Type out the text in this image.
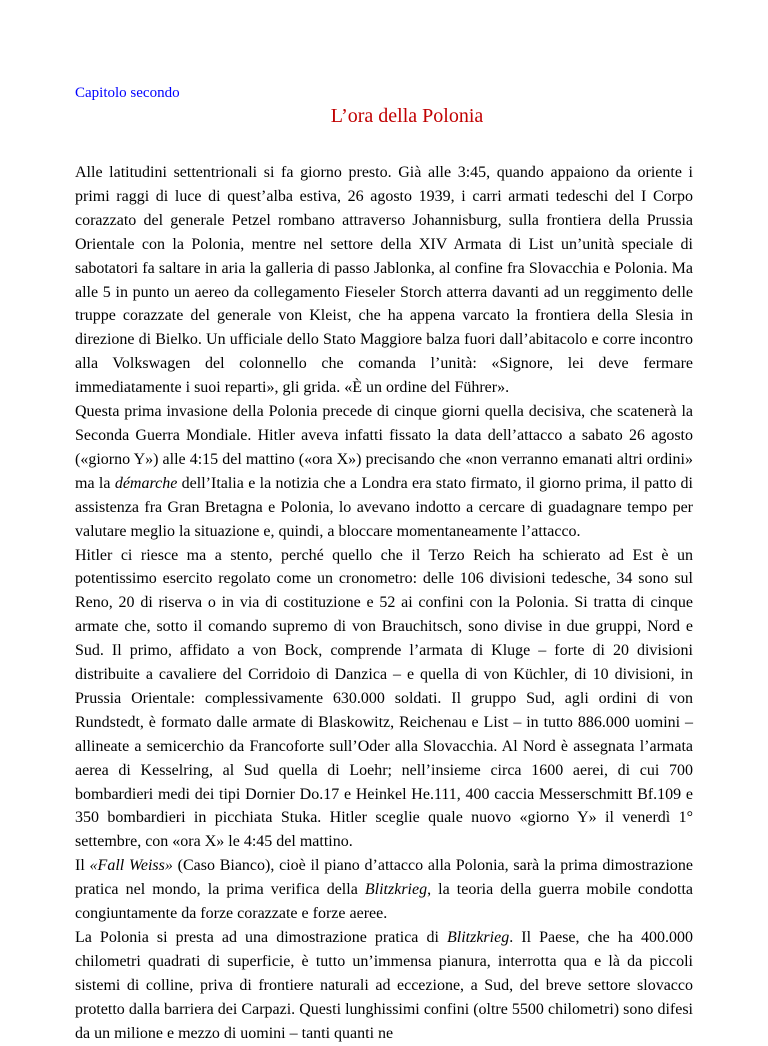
Capitolo secondo
L’ora della Polonia

Alle latitudini settentrionali si fa giorno presto. Già alle 3:45, quando appaiono da oriente i primi raggi di luce di quest’alba estiva, 26 agosto 1939, i carri armati tedeschi del I Corpo corazzato del generale Petzel rombano attraverso Johannisburg, sulla frontiera della Prussia Orientale con la Polonia, mentre nel settore della XIV Armata di List un’unità speciale di sabotatori fa saltare in aria la galleria di passo Jablonka, al confine fra Slovacchia e Polonia. Ma alle 5 in punto un aereo da collegamento Fieseler Storch atterra davanti ad un reggimento delle truppe corazzate del generale von Kleist, che ha appena varcato la frontiera della Slesia in direzione di Bielko. Un ufficiale dello Stato Maggiore balza fuori dall’abitacolo e corre incontro alla Volkswagen del colonnello che comanda l’unità: «Signore, lei deve fermare immediatamente i suoi reparti», gli grida. «È un ordine del Führer».

Questa prima invasione della Polonia precede di cinque giorni quella decisiva, che scatenerà la Seconda Guerra Mondiale. Hitler aveva infatti fissato la data dell’attacco a sabato 26 agosto («giorno Y») alle 4:15 del mattino («ora X») precisando che «non verranno emanati altri ordini» ma la démarche dell’Italia e la notizia che a Londra era stato firmato, il giorno prima, il patto di assistenza fra Gran Bretagna e Polonia, lo avevano indotto a cercare di guadagnare tempo per valutare meglio la situazione e, quindi, a bloccare momentaneamente l’attacco.

Hitler ci riesce ma a stento, perché quello che il Terzo Reich ha schierato ad Est è un potentissimo esercito regolato come un cronometro: delle 106 divisioni tedesche, 34 sono sul Reno, 20 di riserva o in via di costituzione e 52 ai confini con la Polonia. Si tratta di cinque armate che, sotto il comando supremo di von Brauchitsch, sono divise in due gruppi, Nord e Sud. Il primo, affidato a von Bock, comprende l’armata di Kluge – forte di 20 divisioni distribuite a cavaliere del Corridoio di Danzica – e quella di von Küchler, di 10 divisioni, in Prussia Orientale: complessivamente 630.000 soldati. Il gruppo Sud, agli ordini di von Rundstedt, è formato dalle armate di Blaskowitz, Reichenau e List – in tutto 886.000 uomini – allineate a semicerchio da Francoforte sull’Oder alla Slovacchia. Al Nord è assegnata l’armata aerea di Kesselring, al Sud quella di Loehr; nell’insieme circa 1600 aerei, di cui 700 bombardieri medi dei tipi Dornier Do.17 e Heinkel He.111, 400 caccia Messerschmitt Bf.109 e 350 bombardieri in picchiata Stuka. Hitler sceglie quale nuovo «giorno Y» il venerdì 1° settembre, con «ora X» le 4:45 del mattino.

Il «Fall Weiss» (Caso Bianco), cioè il piano d’attacco alla Polonia, sarà la prima dimostrazione pratica nel mondo, la prima verifica della Blitzkrieg, la teoria della guerra mobile condotta congiuntamente da forze corazzate e forze aeree.

La Polonia si presta ad una dimostrazione pratica di Blitzkrieg. Il Paese, che ha 400.000 chilometri quadrati di superficie, è tutto un’immensa pianura, interrotta qua e là da piccoli sistemi di colline, priva di frontiere naturali ad eccezione, a Sud, del breve settore slovacco protetto dalla barriera dei Carpazi. Questi lunghissimi confini (oltre 5500 chilometri) sono difesi da un milione e mezzo di uomini – tanti quanti ne
